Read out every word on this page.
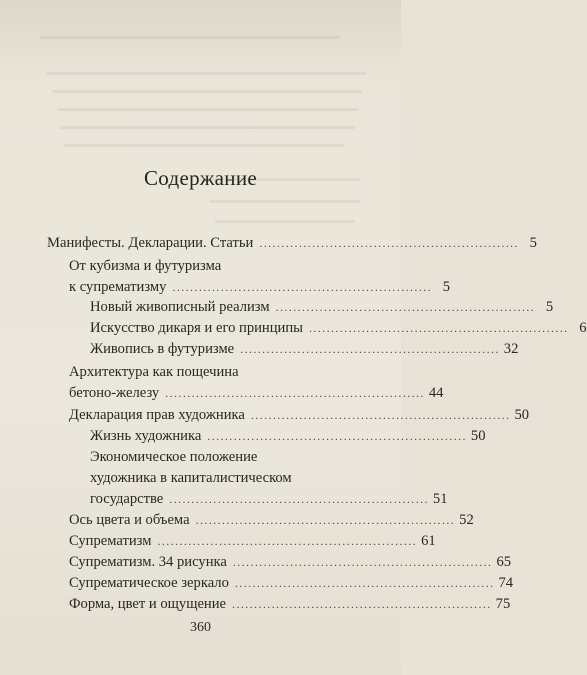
Содержание
Манифесты. Декларации. Статьи ........................................................... 5
От кубизма и футуризма
к супрематизму ........................................................... 5
Новый живописный реализм ........................................................... 5
Искусство дикаря и его принципы ........................................................... 6
Живопись в футуризме ........................................................... 32
Архитектура как пощечина
бетоно-железу ........................................................... 44
Декларация прав художника ........................................................... 50
Жизнь художника ........................................................... 50
Экономическое положение
художника в капиталистическом
государстве ........................................................... 51
Ось цвета и объема ........................................................... 52
Супрематизм ........................................................... 61
Супрематизм. 34 рисунка ........................................................... 65
Супрематическое зеркало ........................................................... 74
Форма, цвет и ощущение ........................................................... 75
360
